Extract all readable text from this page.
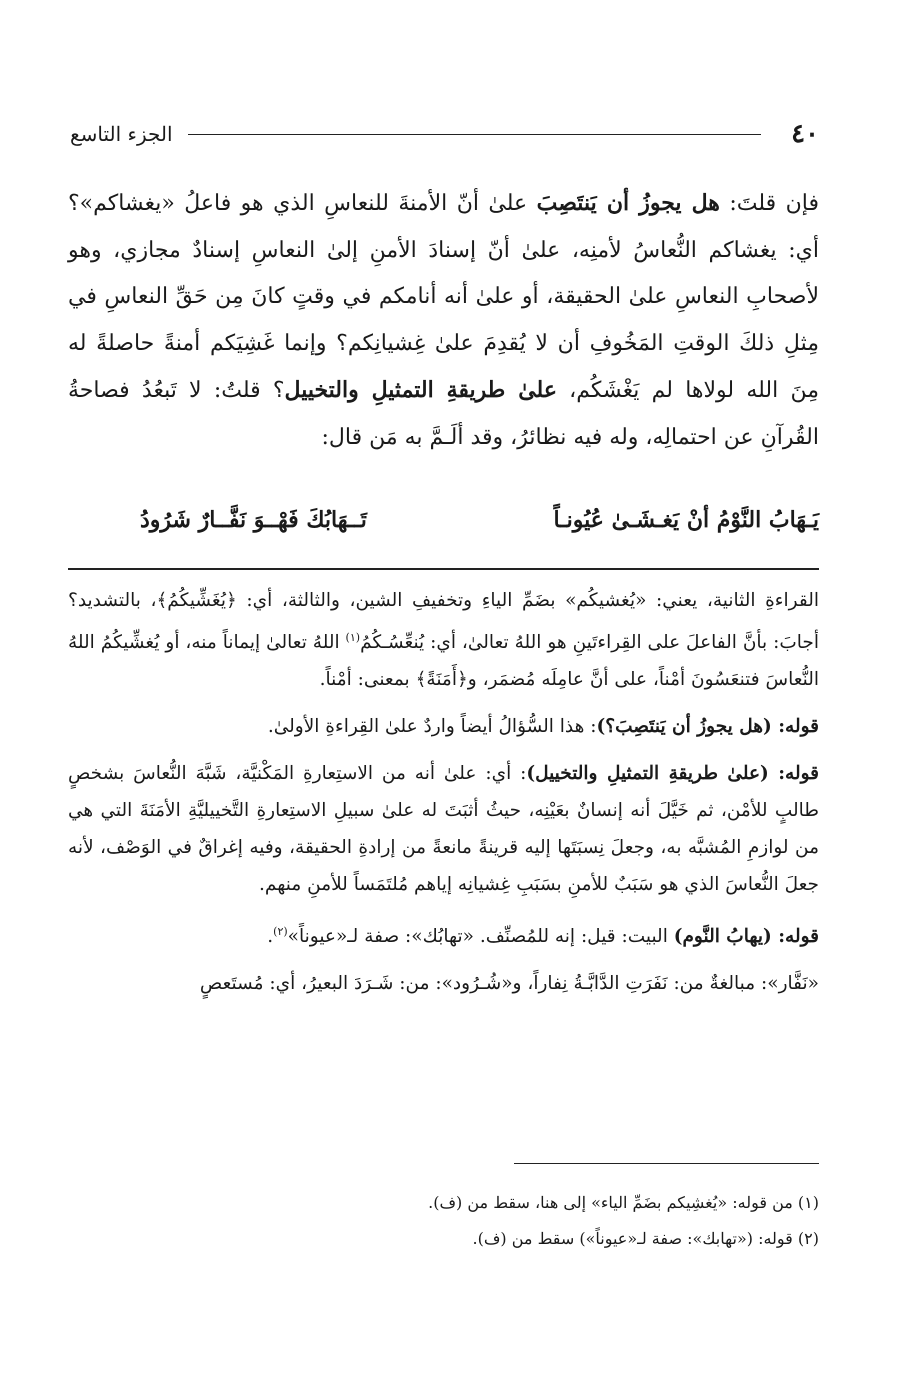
٤٠
الجزء التاسع

فإن قلتَ: هل يجوزُ أن يَنتَصِبَ علىٰ أنّ الأمنةَ للنعاسِ الذي هو فاعلُ «يغشاكم»؟ أي: يغشاكم النُّعاسُ لأمنِه، علىٰ أنّ إسنادَ الأمنِ إلىٰ النعاسِ إسنادٌ مجازي، وهو لأصحابِ النعاسِ علىٰ الحقيقة، أو علىٰ أنه أنامكم في وقتٍ كانَ مِن حَقِّ النعاسِ في مِثلِ ذلكَ الوقتِ المَخُوفِ أن لا يُقدِمَ علىٰ غِشيانِكم؟ وإنما غَشِيَكم أمنةً حاصلةً له مِنَ الله لولاها لم يَغْشَكُم، علىٰ طريقةِ التمثيلِ والتخييل؟ قلتُ: لا تَبعُدُ فصاحةُ القُرآنِ عن احتمالِه، وله فيه نظائرُ، وقد ألَـمَّ به مَن قال:

يَـهَابُ النَّوْمُ أنْ يَغـشَـىٰ عُيُونـاً
تَــهَابُكَ فَهْــوَ نَفَّــارٌ شَرُودُ

القراءةِ الثانية، يعني: «يُغشيكُم» بضَمِّ الياءِ وتخفيفِ الشين، والثالثة، أي: ﴿يُغَشِّيكُمُ﴾، بالتشديد؟ أجابَ: بأنَّ الفاعلَ على القِراءتَينِ هو اللهُ تعالىٰ، أي: يُنعِّسُـكُمُ$^{(١)}$ اللهُ تعالىٰ إيماناً منه، أو يُغشِّيكُمُ اللهُ النُّعاسَ فتنعَسُونَ أمْناً، على أنَّ عامِلَه مُضمَر، و﴿أَمَنَةً﴾ بمعنى: أمْناً.

قوله: (هل يجوزُ أن يَنتَصِبَ؟): هذا السُّؤالُ أيضاً واردٌ علىٰ القِراءةِ الأولىٰ.

قوله: (علىٰ طريقةِ التمثيلِ والتخييل): أي: علىٰ أنه من الاستِعارةِ المَكْنيَّة، شَبَّهَ النُّعاسَ بشخصٍ طالبٍ للأمْن، ثم خَيَّلَ أنه إنسانٌ بعَيْنِه، حيثُ أثبَتَ له علىٰ سبيلِ الاستِعارةِ التَّخييليَّةِ الأمَنَةَ التي هي من لوازمِ المُشبَّه به، وجعلَ نِسبَتَها إليه قرينةً مانعةً من إرادةِ الحقيقة، وفيه إغراقٌ في الوَصْف، لأنه جعلَ النُّعاسَ الذي هو سَبَبٌ للأمنِ بسَبَبِ غِشيانِه إياهم مُلتَمَساً للأمنِ منهم.

قوله: (يهابُ النَّوم) البيت: قيل: إنه للمُصنِّف. «تهابُك»: صفة لـ«عيوناً»$^{(٢)}$.

«نَفَّار»: مبالغةٌ من: نَفَرَتِ الدَّابَّـةُ نِفاراً، و«شُـرُود»: من: شَـرَدَ البعيرُ، أي: مُستَعصٍ

(١) من قوله: «يُغشِيكم بضَمِّ الياء» إلى هنا، سقط من (ف).

(٢) قوله: («تهابك»: صفة لـ«عيوناً») سقط من (ف).
